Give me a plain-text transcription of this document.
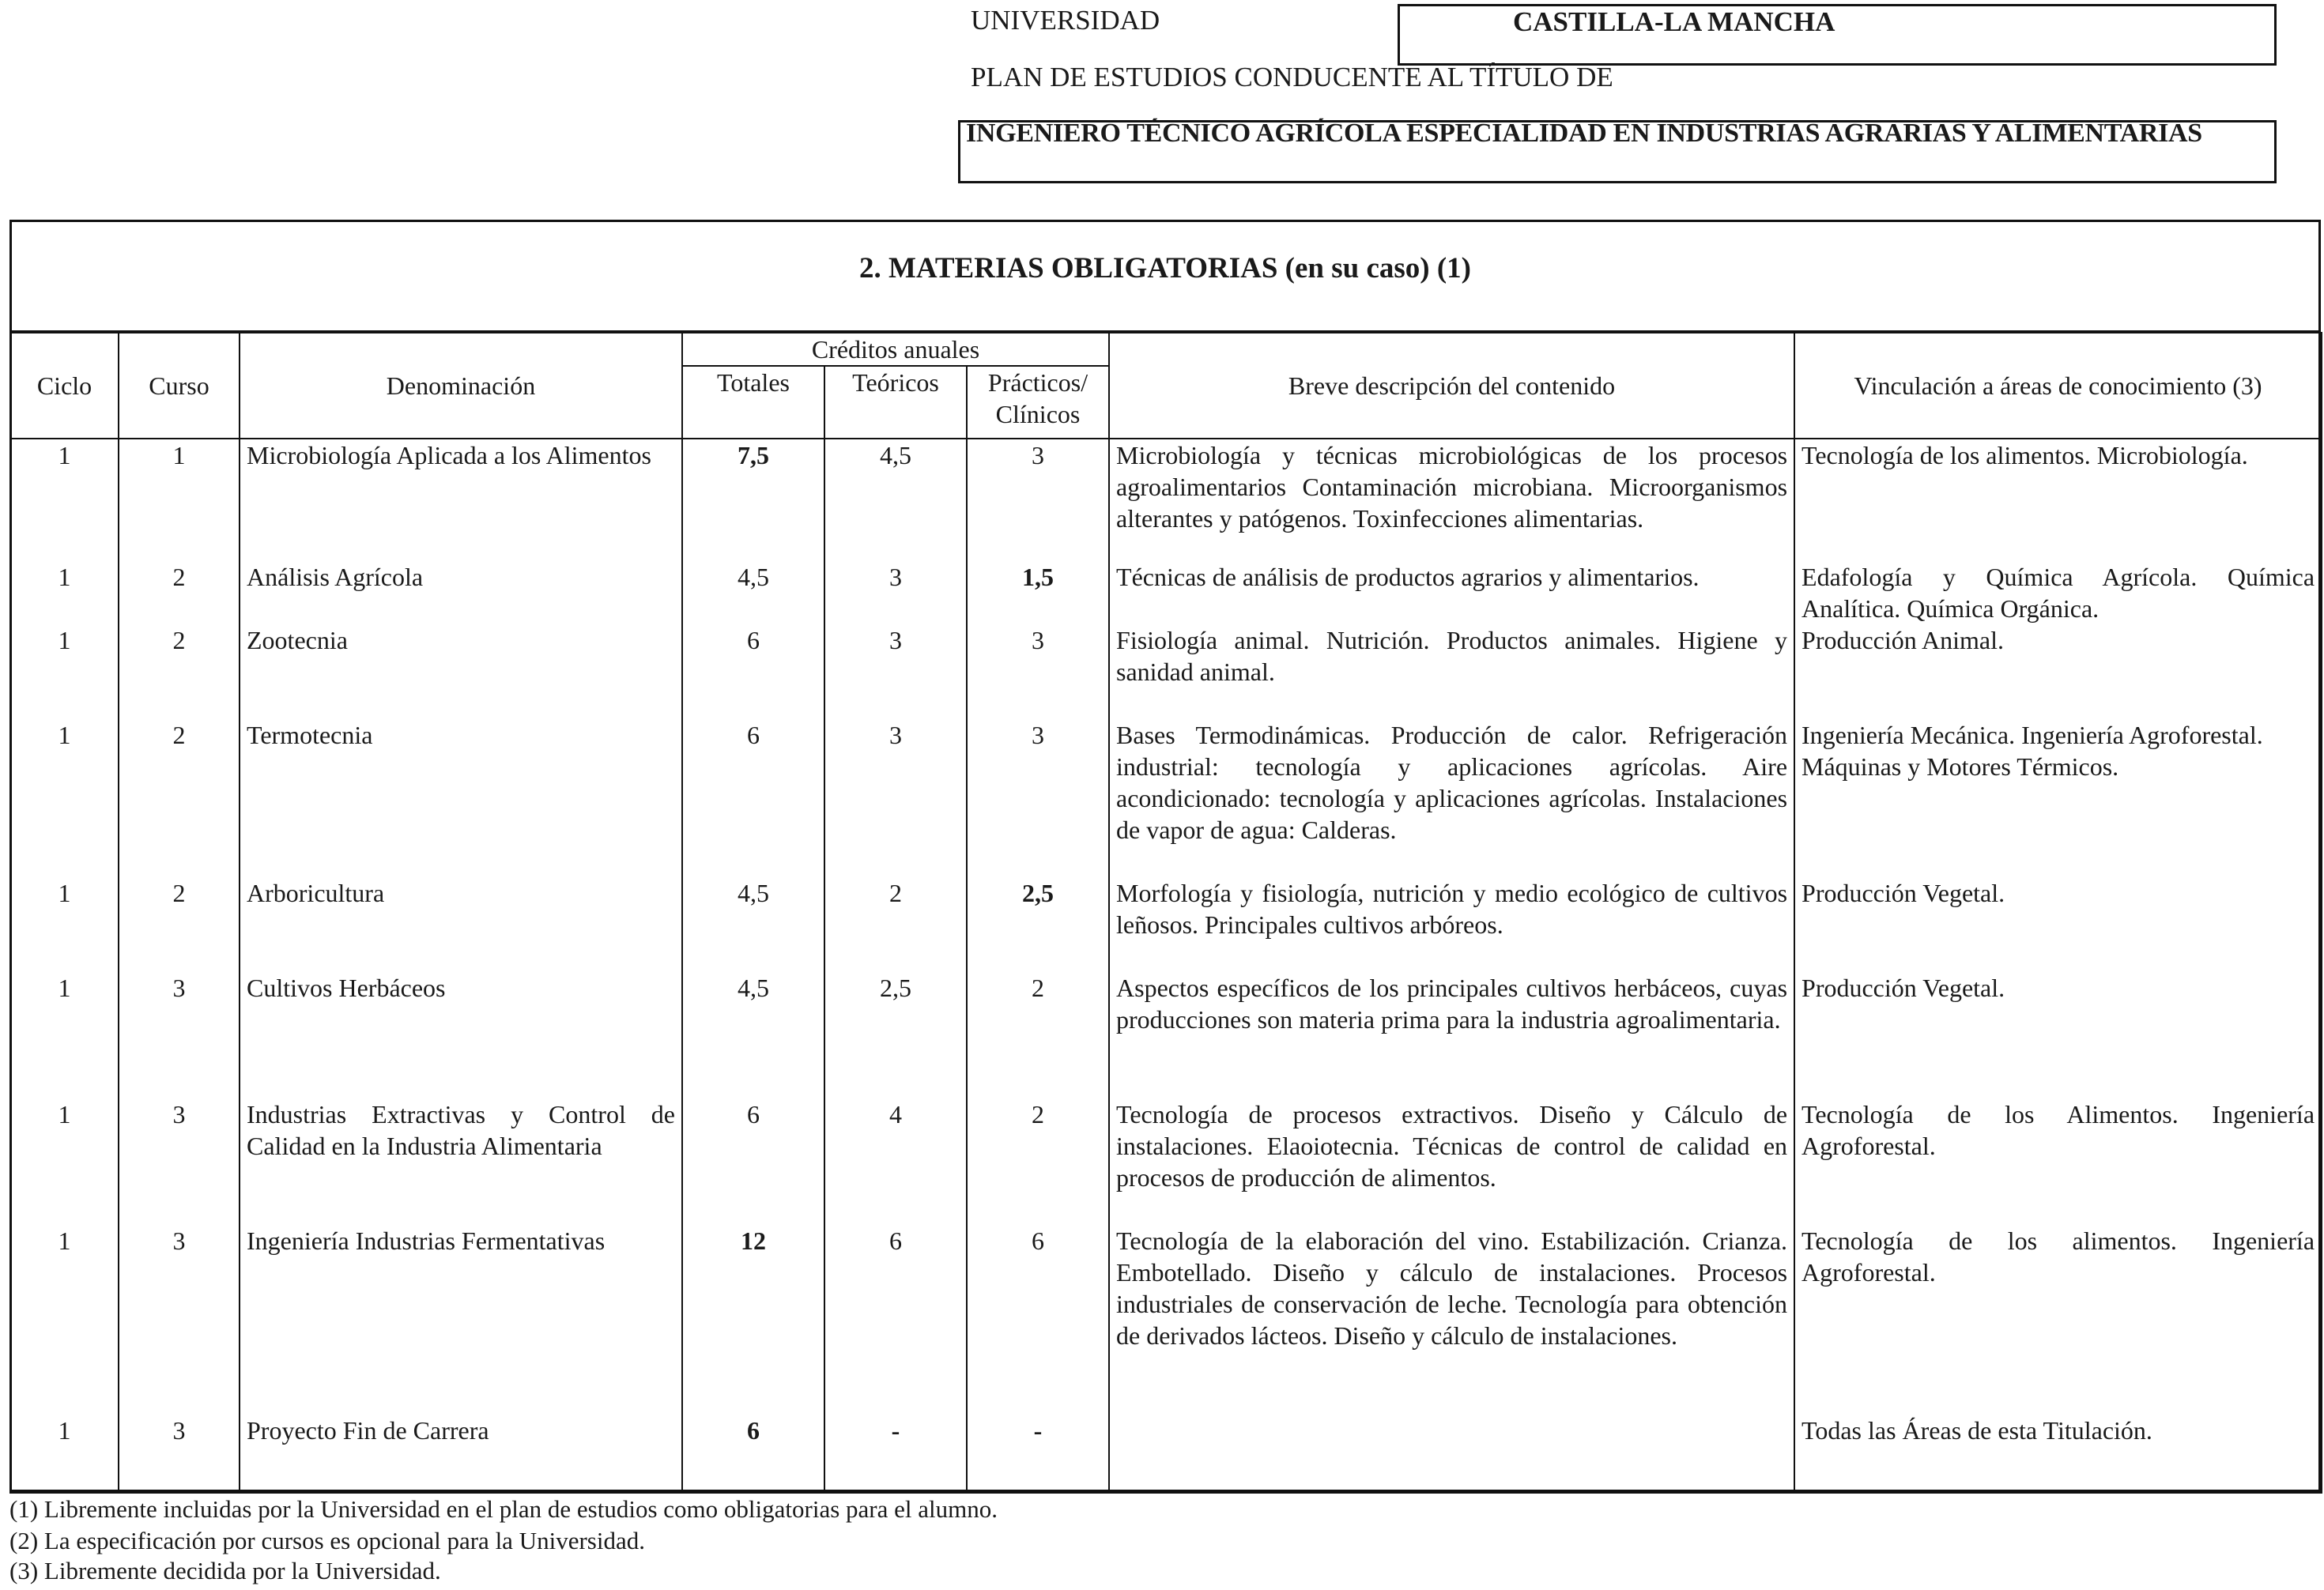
UNIVERSIDAD	CASTILLA-LA MANCHA
PLAN DE ESTUDIOS CONDUCENTE AL TÍTULO DE
INGENIERO TÉCNICO AGRÍCOLA ESPECIALIDAD EN INDUSTRIAS AGRARIAS Y ALIMENTARIAS
2. MATERIAS OBLIGATORIAS (en su caso) (1)
Ciclo	Curso	Denominación	Créditos anuales			Breve descripción del contenido	Vinculación a áreas de conocimiento (3)
			Totales	Teóricos	Prácticos/ Clínicos		
1	1	Microbiología Aplicada a los Alimentos	7,5	4,5	3	Microbiología y técnicas microbiológicas de los procesos agroalimentarios Contaminación microbiana. Microorganismos alterantes y patógenos. Toxinfecciones alimentarias.	Tecnología de los alimentos. Microbiología.
1	2	Análisis Agrícola	4,5	3	1,5	Técnicas de análisis de productos agrarios y alimentarios.	Edafología y Química Agrícola. Química Analítica. Química Orgánica.
1	2	Zootecnia	6	3	3	Fisiología animal. Nutrición. Productos animales. Higiene y sanidad animal.	Producción Animal.
1	2	Termotecnia	6	3	3	Bases Termodinámicas. Producción de calor. Refrigeración industrial: tecnología y aplicaciones agrícolas. Aire acondicionado: tecnología y aplicaciones agrícolas. Instalaciones de vapor de agua: Calderas.	Ingeniería Mecánica. Ingeniería Agroforestal. Máquinas y Motores Térmicos.
1	2	Arboricultura	4,5	2	2,5	Morfología y fisiología, nutrición y medio ecológico de cultivos leñosos. Principales cultivos arbóreos.	Producción Vegetal.
1	3	Cultivos Herbáceos	4,5	2,5	2	Aspectos específicos de los principales cultivos herbáceos, cuyas producciones son materia prima para la industria agroalimentaria.	Producción Vegetal.
1	3	Industrias Extractivas y Control de Calidad en la Industria Alimentaria	6	4	2	Tecnología de procesos extractivos. Diseño y Cálculo de instalaciones. Elaoiotecnia. Técnicas de control de calidad en procesos de producción de alimentos.	Tecnología de los Alimentos. Ingeniería Agroforestal.
1	3	Ingeniería Industrias Fermentativas	12	6	6	Tecnología de la elaboración del vino. Estabilización. Crianza. Embotellado. Diseño y cálculo de instalaciones. Procesos industriales de conservación de leche. Tecnología para obtención de derivados lácteos. Diseño y cálculo de instalaciones.	Tecnología de los alimentos. Ingeniería Agroforestal.
1	3	Proyecto Fin de Carrera	6	-	-		Todas las Áreas de esta Titulación.
(1) Libremente incluidas por la Universidad en el plan de estudios como obligatorias para el alumno.
(2) La especificación por cursos es opcional para la Universidad.
(3) Libremente decidida por la Universidad.
